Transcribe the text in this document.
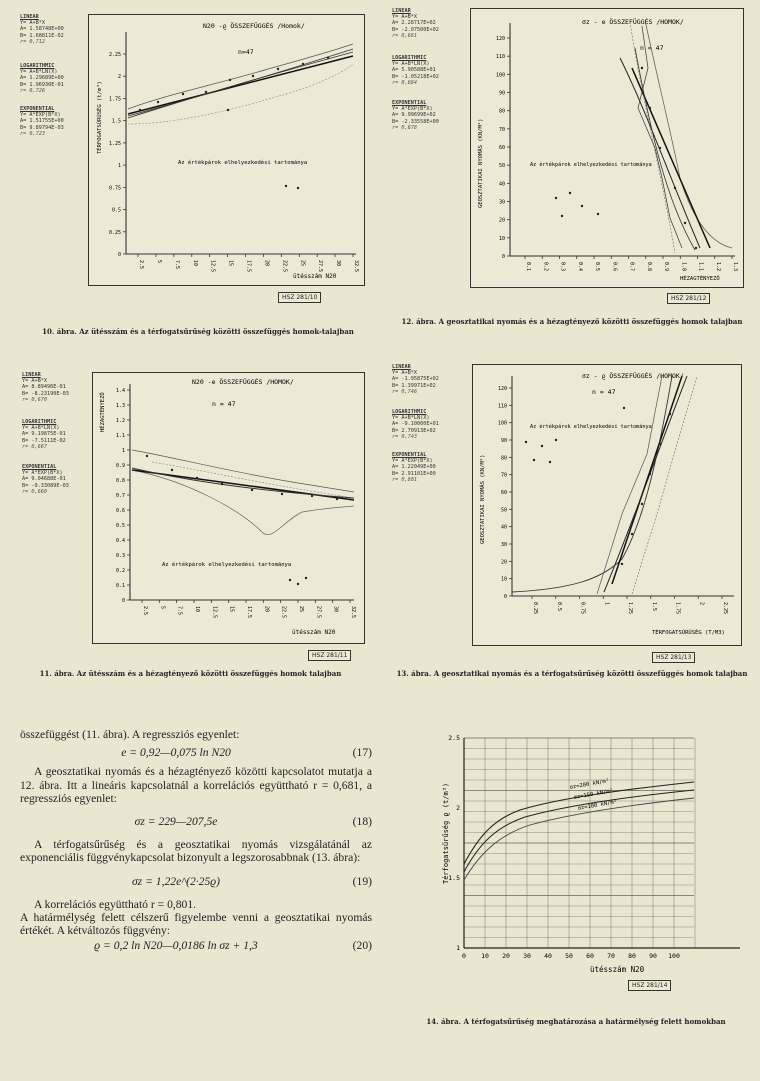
LINEAR
Y= A+B*X
A= 1.58748E+00
B= 1.68811E-02
r= 0,712
LOGARITHMIC
Y= A+B*LN(X)
A= 1.29689E+00
B= 1.96930E-01
r= 0,726
EXPONENTIAL
Y= A*EXP(B*X)
A= 1.51755E+00
B= 9.89794E-03
r= 0,723
N20 -ϱ ÖSSZEFÜGGÉS /Homok/
n=47
Az értékpárok elhelyezkedési tartománya
TÉRFOGATSÚRÚSÉG (t/m³)
ütésszám N20
2.25
2
1.75
1.5
1.25
1
0.75
0.5
0.25
0
2.5 5 7.5 10 12.5 15 17.5 20 22.5 25 27.5 30 32.5
HSZ 281/10
10. ábra. Az ütésszám és a térfogatsűrűség közötti összefüggés homok-talajban
LINEAR
Y= A+B*X
A= 2.28717E+02
B= -2.07500E+02
r= 0,681
LOGARITHMIC
Y= A+B*LN(X)
A= 5.90588E+01
B= -1.05218E+02
r= 0,684
EXPONENTIAL
Y= A*EXP(B*X)
A= 9.99699E+02
B= -2.33558E+00
r= 0,678
σz - e ÖSSZEFÜGGÉS /HOMOK/
n = 47
Az értékpárok elhelyezkedési tartománya
GEOSZTATIKAI NYOMÁS (KN/M²)
HÉZAGTÉNYEZŐ
120
110
100
90
80
70
60
50
40
30
20
10
0
0.1 0.2 0.3 0.4 0.5 0.6 0.7 0.8 0.9 1.0 1.1 1.2 1.3
HSZ 281/12
12. ábra. A geosztatikai nyomás és a hézagtényező közötti összefüggés homok talajban
LINEAR
Y= A+B*X
A= 8.89496E-01
B= -8.23190E-03
r= 0,670
LOGARITHMIC
Y= A+B*LN(X)
A= 9.19875E-01
B= -7.5111E-02
r= 0,667
EXPONENTIAL
Y= A*EXP(B*X)
A= 9.04688E-01
B= -9.33089E-03
r= 0,660
N20 -e ÖSSZEFÜGGÉS /HOMOK/
n = 47
Az értékpárok elhelyezkedési tartománya
HÉZAGTÉNYEZŐ
ütésszám N20
1.4
1.3
1.2
1.1
1
0.9
0.8
0.7
0.6
0.5
0.4
0.3
0.2
0.1
0
2.5 5 7.5 10 12.5 15 17.5 20 22.5 25 27.5 30 32.5
HSZ 281/11
11. ábra. Az ütésszám és a hézagtényező közötti összefüggés homok talajban
LINEAR
Y= A+B*X
A= -1.95875E+02
B= 1.39971E+02
r= 0,746
LOGARITHMIC
Y= A+B*LN(X)
A= -9.10000E+01
B= 2.70913E+02
r= 0,743
EXPONENTIAL
Y= A*EXP(B*X)
A= 1.22049E+00
B= 2.91101E+00
r= 0,801
σz - ϱ ÖSSZEFÜGGÉS /HOMOK/
n = 47
Az értékpárok elhelyezkedési tartománya
GEOSZTATIKAI NYOMÁS (KN/M²)
TÉRFOGATSÚRÚSÉG (T/M3)
120
110
100
90
80
70
60
50
40
30
20
10
0
0.25	0.5	0.75	1	1.25	1.5	1.75	2	2.25
HSZ 281/13
13. ábra. A geosztatikai nyomás és a térfogatsűrűség közötti összefüggés homok talajban

összefüggést (11. ábra). A regressziós egyenlet:

e = 0,92—0,075 ln N20	(17)

A geosztatikai nyomás és a hézagtényező közötti kapcsolatot mutatja a 12. ábra. Itt a lineáris kapcsolatnál a korrelációs együttható r = 0,681, a regressziós egyenlet:

σz = 229—207,5e	(18)

A térfogatsűrűség és a geosztatikai nyomás vizsgálatánál az exponenciális függvénykapcsolat bizonyult a legszorosabbnak (13. ábra):

σz = 1,22e^(2·25ϱ)	(19)

A korrelációs együttható r = 0,801.

A határmélység felett célszerű figyelembe venni a geosztatikai nyomás értékét. A kétváltozós függvény:

ϱ = 0,2 ln N20—0,0186 ln σz + 1,3	(20)
Térfogatsűrűség ϱ (t/m³)
ütésszám N20
2.5
2
1.5
1
0 10 20 30 40 50 60 70 80 90 100
σz=200 kN/m²
σz=150 kN/m²
σz=100 kN/m²
HSZ 281/14
14. ábra. A térfogatsűrűség meghatározása a határmélység felett homokban
